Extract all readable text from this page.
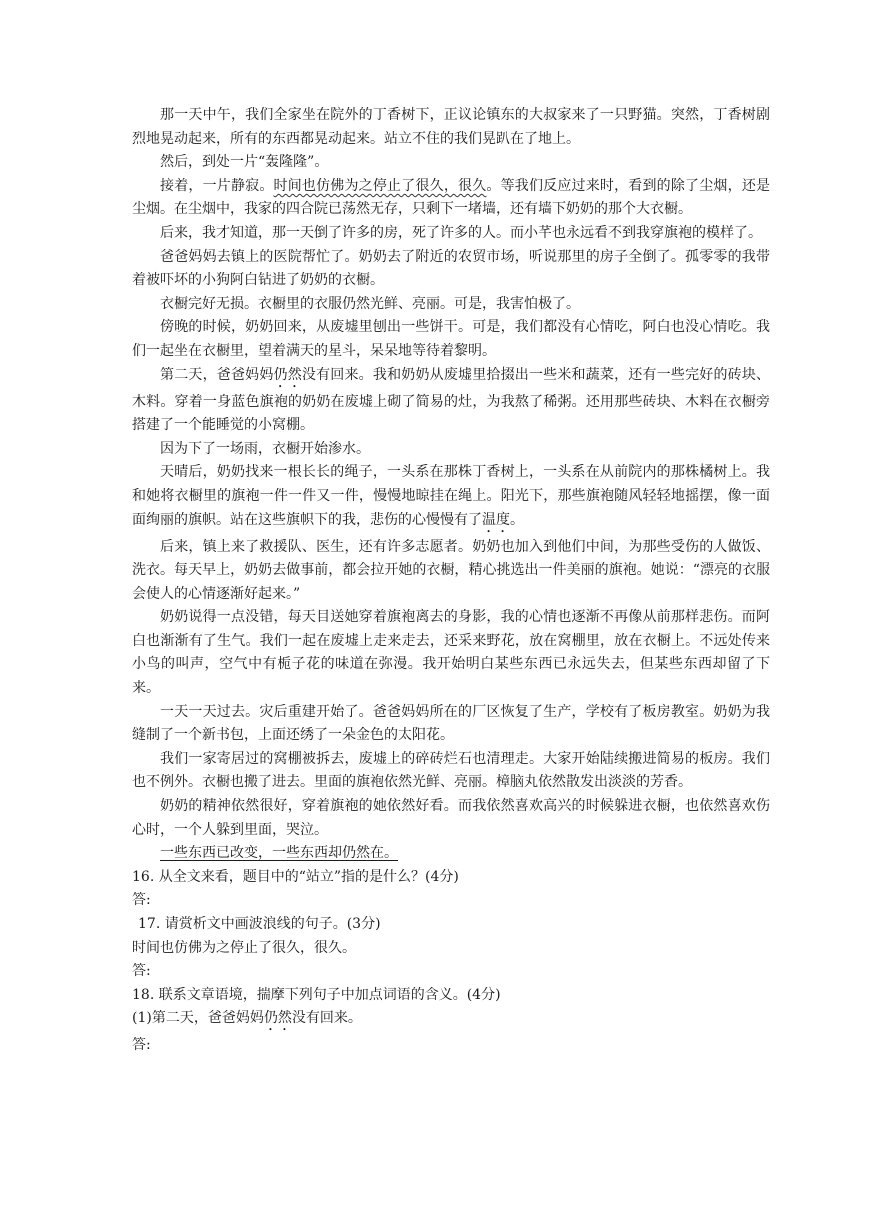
那一天中午，我们全家坐在院外的丁香树下，正议论镇东的大叔家来了一只野猫。突然，丁香树剧烈地晃动起来，所有的东西都晃动起来。站立不住的我们晃趴在了地上。

然后，到处一片“轰隆隆”。

接着，一片静寂。时间也仿佛为之停止了很久，很久。等我们反应过来时，看到的除了尘烟，还是尘烟。在尘烟中，我家的四合院已荡然无存，只剩下一堵墙，还有墙下奶奶的那个大衣橱。

后来，我才知道，那一天倒了许多的房，死了许多的人。而小芊也永远看不到我穿旗袍的模样了。

爸爸妈妈去镇上的医院帮忙了。奶奶去了附近的农贸市场，听说那里的房子全倒了。孤零零的我带着被吓坏的小狗阿白钻进了奶奶的衣橱。

衣橱完好无损。衣橱里的衣服仍然光鲜、亮丽。可是，我害怕极了。

傍晚的时候，奶奶回来，从废墟里刨出一些饼干。可是，我们都没有心情吃，阿白也没心情吃。我们一起坐在衣橱里，望着满天的星斗，呆呆地等待着黎明。

第二天，爸爸妈妈仍然没有回来。我和奶奶从废墟里拾掇出一些米和蔬菜，还有一些完好的砖块、木料。穿着一身蓝色旗袍的奶奶在废墟上砌了简易的灶，为我熬了稀粥。还用那些砖块、木料在衣橱旁搭建了一个能睡觉的小窝棚。

因为下了一场雨，衣橱开始渗水。

天晴后，奶奶找来一根长长的绳子，一头系在那株丁香树上，一头系在从前院内的那株橘树上。我和她将衣橱里的旗袍一件一件又一件，慢慢地晾挂在绳上。阳光下，那些旗袍随风轻轻地摇摆，像一面面绚丽的旗帜。站在这些旗帜下的我，悲伤的心慢慢有了温度。

后来，镇上来了救援队、医生，还有许多志愿者。奶奶也加入到他们中间，为那些受伤的人做饭、洗衣。每天早上，奶奶去做事前，都会拉开她的衣橱，精心挑选出一件美丽的旗袍。她说：“漂亮的衣服会使人的心情逐渐好起来。”

奶奶说得一点没错，每天目送她穿着旗袍离去的身影，我的心情也逐渐不再像从前那样悲伤。而阿白也渐渐有了生气。我们一起在废墟上走来走去，还采来野花，放在窝棚里，放在衣橱上。不远处传来小鸟的叫声，空气中有栀子花的味道在弥漫。我开始明白某些东西已永远失去，但某些东西却留了下来。

一天一天过去。灾后重建开始了。爸爸妈妈所在的厂区恢复了生产，学校有了板房教室。奶奶为我缝制了一个新书包，上面还绣了一朵金色的太阳花。

我们一家寄居过的窝棚被拆去，废墟上的碎砖烂石也清理走。大家开始陆续搬进简易的板房。我们也不例外。衣橱也搬了进去。里面的旗袍依然光鲜、亮丽。樟脑丸依然散发出淡淡的芳香。

奶奶的精神依然很好，穿着旗袍的她依然好看。而我依然喜欢高兴的时候躲进衣橱，也依然喜欢伤心时，一个人躲到里面，哭泣。

一些东西已改变，一些东西却仍然在。

16. 从全文来看，题目中的“站立”指的是什么？(4分)

答:

17. 请赏析文中画波浪线的句子。(3分)

时间也仿佛为之停止了很久，很久。

答:

18. 联系文章语境，揣摩下列句子中加点词语的含义。(4分)

(1)第二天，爸爸妈妈仍然没有回来。

答:
